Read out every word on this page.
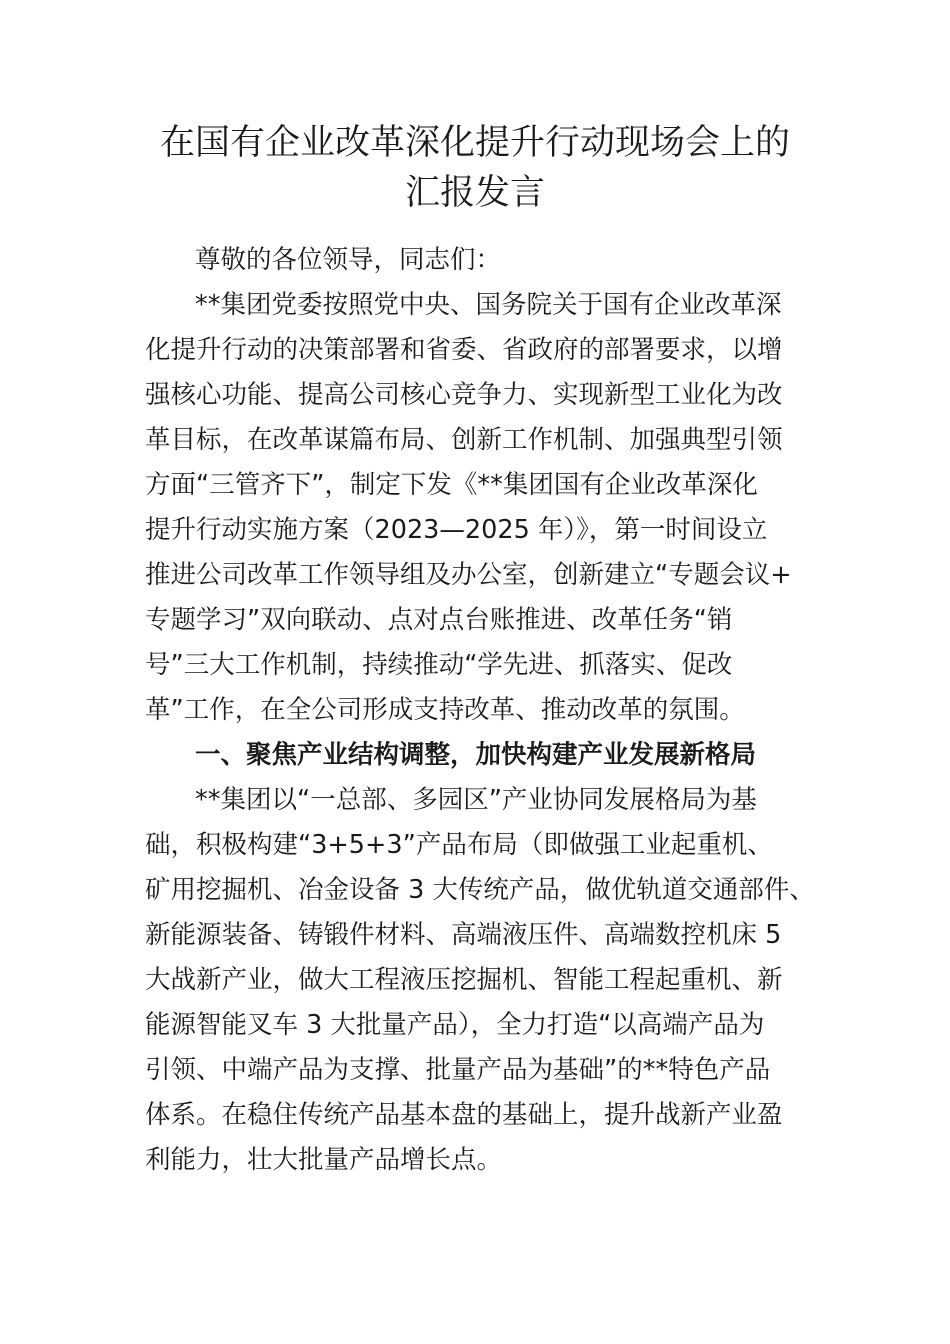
在国有企业改革深化提升行动现场会上的
汇报发言
尊敬的各位领导，同志们：
**集团党委按照党中央、国务院关于国有企业改革深
化提升行动的决策部署和省委、省政府的部署要求，以增
强核心功能、提高公司核心竞争力、实现新型工业化为改
革目标，在改革谋篇布局、创新工作机制、加强典型引领
方面“三管齐下”，制定下发《**集团国有企业改革深化
提升行动实施方案（2023—2025 年）》，第一时间设立
推进公司改革工作领导组及办公室，创新建立“专题会议+
专题学习”双向联动、点对点台账推进、改革任务“销
号”三大工作机制，持续推动“学先进、抓落实、促改
革”工作，在全公司形成支持改革、推动改革的氛围。
一、聚焦产业结构调整，加快构建产业发展新格局
**集团以“一总部、多园区”产业协同发展格局为基
础，积极构建“3+5+3”产品布局（即做强工业起重机、
矿用挖掘机、冶金设备 3 大传统产品，做优轨道交通部件、
新能源装备、铸锻件材料、高端液压件、高端数控机床 5
大战新产业，做大工程液压挖掘机、智能工程起重机、新
能源智能叉车 3 大批量产品），全力打造“以高端产品为
引领、中端产品为支撑、批量产品为基础”的**特色产品
体系。在稳住传统产品基本盘的基础上，提升战新产业盈
利能力，壮大批量产品增长点。
